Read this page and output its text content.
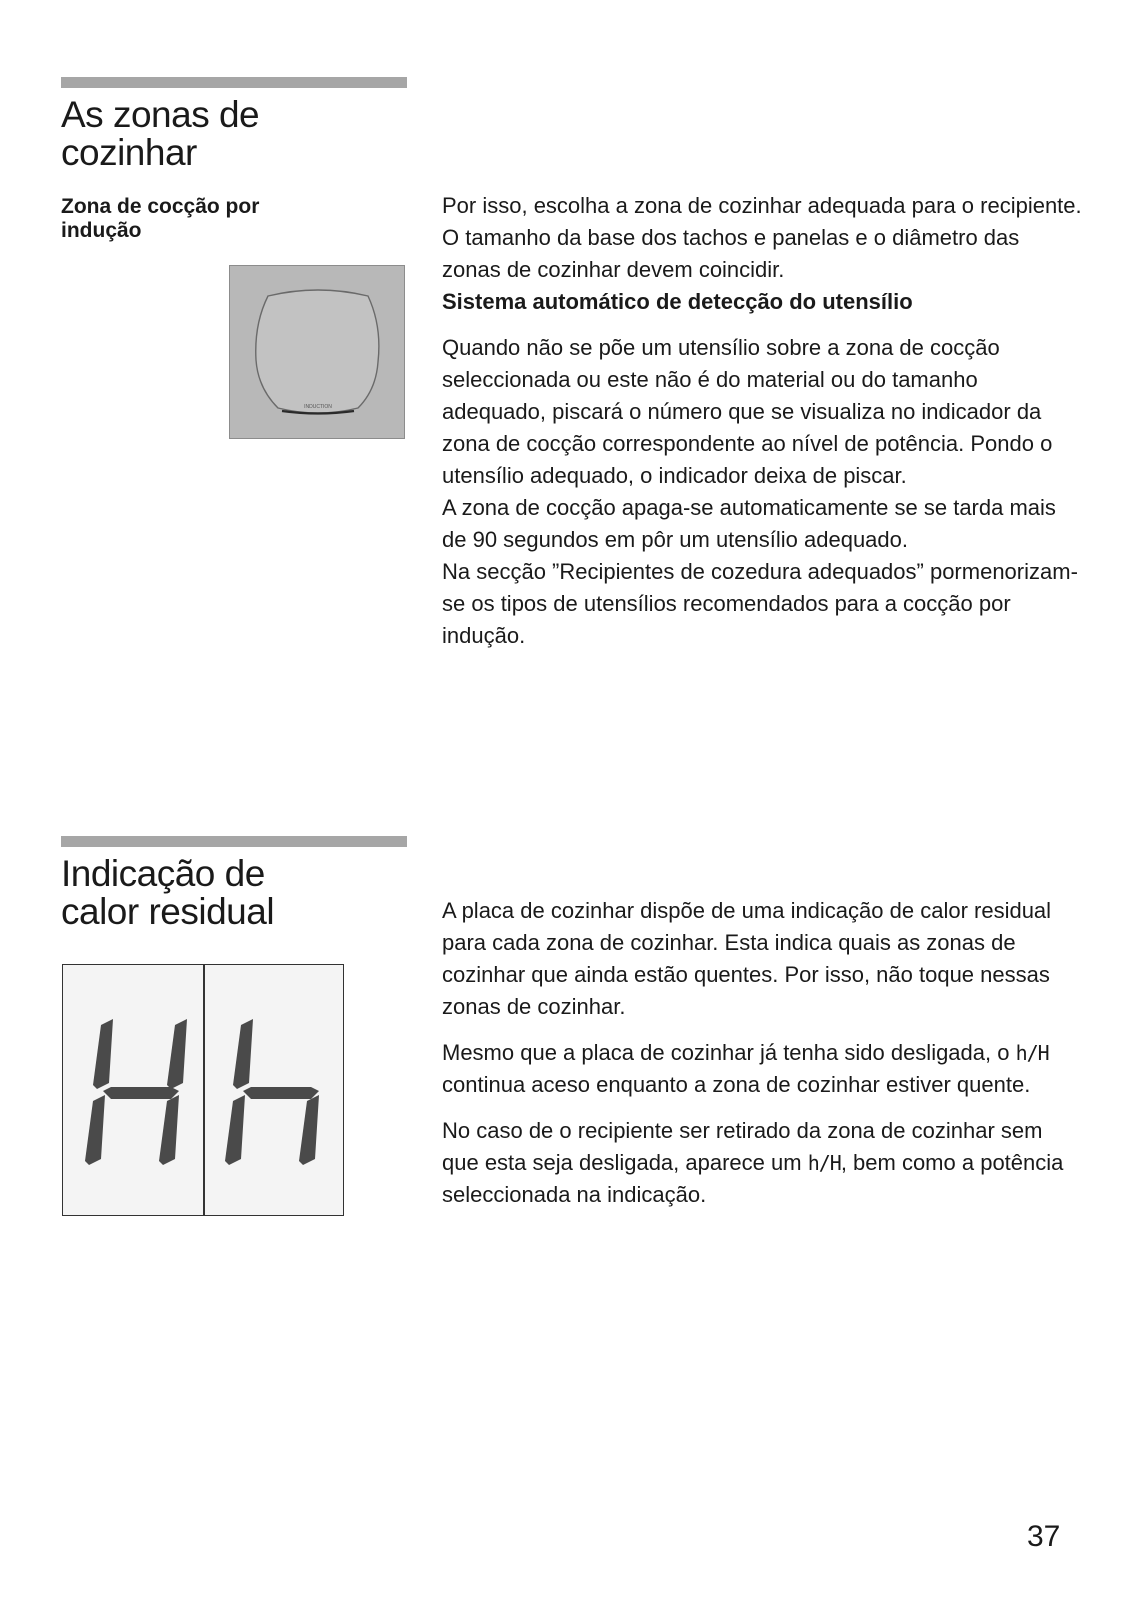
As zonas de
cozinhar
Zona de cocção por
indução
INDUCTION

Por isso, escolha a zona de cozinhar adequada para o recipiente.

O tamanho da base dos tachos e panelas e o diâmetro das zonas de cozinhar devem coincidir.

Sistema automático de detecção do utensílio

Quando não se põe um utensílio sobre a zona de cocção seleccionada ou este não é do material ou do tamanho adequado, piscará o número que se visualiza no indicador da zona de cocção correspondente ao nível de potência. Pondo o utensílio adequado, o indicador deixa de piscar.

A zona de cocção apaga-se automaticamente se se tarda mais de 90 segundos em pôr um utensílio adequado.

Na secção ”Recipientes de cozedura adequados” pormenorizam-se os tipos de utensílios recomendados para a cocção por indução.

Indicação de
calor residual	A placa de cozinhar dispõe de uma indicação de calor residual para cada zona de cozinhar. Esta indica quais as zonas de cozinhar que ainda estão quentes. Por isso, não toque nessas zonas de cozinhar.

Mesmo que a placa de cozinhar já tenha sido desligada, o h/H continua aceso enquanto a zona de cozinhar estiver quente.

No caso de o recipiente ser retirado da zona de cozinhar sem que esta seja desligada, aparece um h/H, bem como a potência seleccionada na indicação.

37
